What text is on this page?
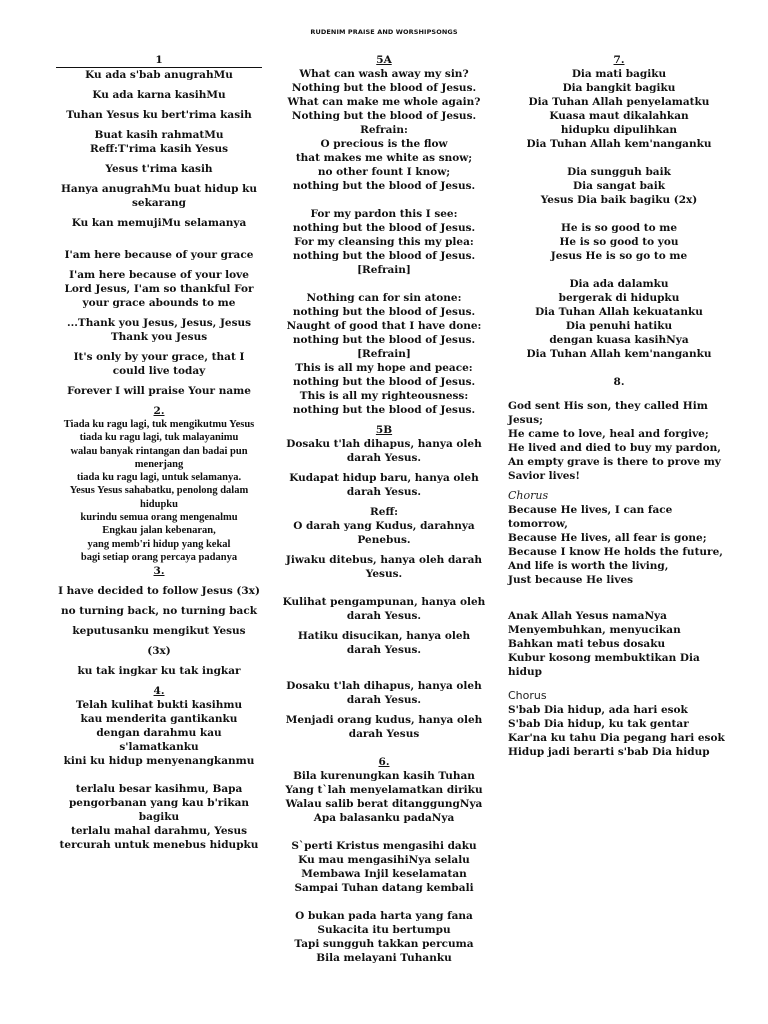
RUDENIM PRAISE AND WORSHIPSONGS
1
Ku ada s'bab anugrahMu
Ku ada karna kasihMu
Tuhan Yesus ku bert'rima kasih
Buat kasih rahmatMu
Reff:T'rima kasih Yesus
Yesus t'rima kasih
Hanya anugrahMu buat hidup ku sekarang
Ku kan memujiMu selamanya
I'am here because of your grace
I'am here because of your love
Lord Jesus, I'am so thankful For your grace abounds to me
...Thank you Jesus, Jesus, Jesus
Thank you Jesus
It's only by your grace, that I could live today
Forever I will praise Your name
2.
Tiada ku ragu lagi, tuk mengikutmu Yesus
tiada ku ragu lagi, tuk malayanimu
walau banyak rintangan dan badai pun menerjang
tiada ku ragu lagi, untuk selamanya.
Yesus Yesus sahabatku, penolong dalam hidupku
kurindu semua orang mengenalmu
Engkau jalan kebenaran,
yang memb'ri hidup yang kekal
bagi setiap orang percaya padanya
3.
I have decided to follow Jesus (3x)
no turning back, no turning back
keputusanku mengikut Yesus
(3x)
ku tak ingkar ku tak ingkar
4.
Telah kulihat bukti kasihmu
kau menderita gantikanku
dengan darahmu kau
s'lamatkanku
kini ku hidup menyenangkanmu
terlalu besar kasihmu, Bapa
pengorbanan yang kau b'rikan
bagiku
terlalu mahal darahmu, Yesus
tercurah untuk menebus hidupku
5A
What can wash away my sin?
Nothing but the blood of Jesus.
What can make me whole again?
Nothing but the blood of Jesus.
Refrain:
O precious is the flow
that makes me white as snow;
no other fount I know;
nothing but the blood of Jesus.
For my pardon this I see:
nothing but the blood of Jesus.
For my cleansing this my plea:
nothing but the blood of Jesus.
[Refrain]
Nothing can for sin atone:
nothing but the blood of Jesus.
Naught of good that I have done:
nothing but the blood of Jesus.
[Refrain]
This is all my hope and peace:
nothing but the blood of Jesus.
This is all my righteousness:
nothing but the blood of Jesus.
5B
Dosaku t'lah dihapus, hanya oleh darah Yesus.
Kudapat hidup baru, hanya oleh darah Yesus.
Reff:
O darah yang Kudus, darahnya Penebus.
Jiwaku ditebus, hanya oleh darah Yesus.
Kulihat pengampunan, hanya oleh darah Yesus.
Hatiku disucikan, hanya oleh darah Yesus.
Dosaku t'lah dihapus, hanya oleh darah Yesus.
Menjadi orang kudus, hanya oleh darah Yesus
6.
Bila kurenungkan kasih Tuhan
Yang t`lah menyelamatkan diriku
Walau salib berat ditanggungNya
Apa balasanku padaNya
S`perti Kristus mengasihi daku
Ku mau mengasihiNya selalu
Membawa Injil keselamatan
Sampai Tuhan datang kembali
O bukan pada harta yang fana
Sukacita itu bertumpu
Tapi sungguh takkan percuma
Bila melayani Tuhanku
7.
Dia mati bagiku
Dia bangkit bagiku
Dia Tuhan Allah penyelamatku
Kuasa maut dikalahkan
hidupku dipulihkan
Dia Tuhan Allah kem'nanganku
Dia sungguh baik
Dia sangat baik
Yesus Dia baik bagiku (2x)
He is so good to me
He is so good to you
Jesus He is so go to me
Dia ada dalamku
bergerak di hidupku
Dia Tuhan Allah kekuatanku
Dia penuhi hatiku
dengan kuasa kasihNya
Dia Tuhan Allah kem'nanganku
8.
God sent His son, they called Him Jesus;
He came to love, heal and forgive;
He lived and died to buy my pardon,
An empty grave is there to prove my Savior lives!
Chorus
Because He lives, I can face tomorrow,
Because He lives, all fear is gone;
Because I know He holds the future,
And life is worth the living,
Just because He lives
Anak Allah Yesus namaNya
Menyembuhkan, menyucikan
Bahkan mati tebus dosaku
Kubur kosong membuktikan Dia hidup
Chorus
S'bab Dia hidup, ada hari esok
S'bab Dia hidup, ku tak gentar
Kar'na ku tahu Dia pegang hari esok
Hidup jadi berarti s'bab Dia hidup
